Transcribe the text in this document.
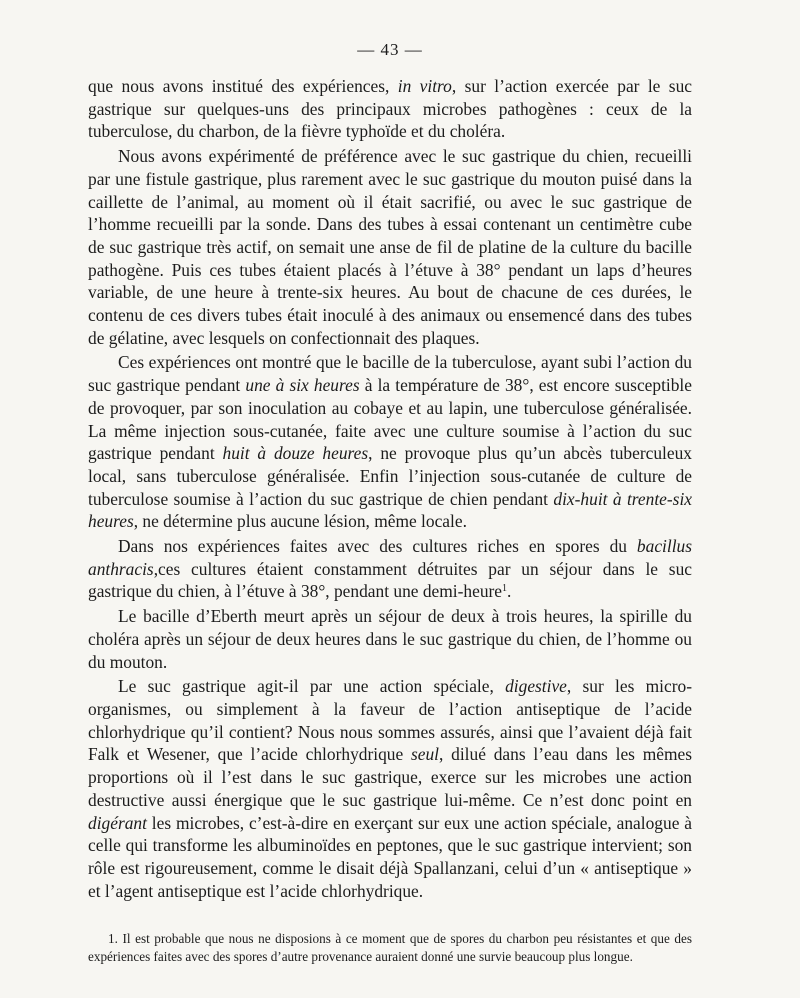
— 43 —

que nous avons institué des expériences, in vitro, sur l’action exercée par le suc gastrique sur quelques-uns des principaux microbes pathogènes : ceux de la tuberculose, du charbon, de la fièvre typhoïde et du choléra.

Nous avons expérimenté de préférence avec le suc gastrique du chien, recueilli par une fistule gastrique, plus rarement avec le suc gastrique du mouton puisé dans la caillette de l’animal, au moment où il était sacrifié, ou avec le suc gastrique de l’homme recueilli par la sonde. Dans des tubes à essai contenant un centimètre cube de suc gastrique très actif, on semait une anse de fil de platine de la culture du bacille pathogène. Puis ces tubes étaient placés à l’étuve à 38° pendant un laps d’heures variable, de une heure à trente-six heures. Au bout de chacune de ces durées, le contenu de ces divers tubes était inoculé à des animaux ou ensemencé dans des tubes de gélatine, avec lesquels on confectionnait des plaques.

Ces expériences ont montré que le bacille de la tuberculose, ayant subi l’action du suc gastrique pendant une à six heures à la température de 38°, est encore susceptible de provoquer, par son inoculation au cobaye et au lapin, une tuberculose généralisée. La même injection sous-cutanée, faite avec une culture soumise à l’action du suc gastrique pendant huit à douze heures, ne provoque plus qu’un abcès tuberculeux local, sans tuberculose généralisée. Enfin l’injection sous-cutanée de culture de tuberculose soumise à l’action du suc gastrique de chien pendant dix-huit à trente-six heures, ne détermine plus aucune lésion, même locale.

Dans nos expériences faites avec des cultures riches en spores du bacillus anthracis,ces cultures étaient constamment détruites par un séjour dans le suc gastrique du chien, à l’étuve à 38°, pendant une demi-heure$^1$.

Le bacille d’Eberth meurt après un séjour de deux à trois heures, la spirille du choléra après un séjour de deux heures dans le suc gastrique du chien, de l’homme ou du mouton.

Le suc gastrique agit-il par une action spéciale, digestive, sur les micro-organismes, ou simplement à la faveur de l’action antiseptique de l’acide chlorhydrique qu’il contient? Nous nous sommes assurés, ainsi que l’avaient déjà fait Falk et Wesener, que l’acide chlorhydrique seul, dilué dans l’eau dans les mêmes proportions où il l’est dans le suc gastrique, exerce sur les microbes une action destructive aussi énergique que le suc gastrique lui-même. Ce n’est donc point en digérant les microbes, c’est-à-dire en exerçant sur eux une action spéciale, analogue à celle qui transforme les albuminoïdes en peptones, que le suc gastrique intervient; son rôle est rigoureusement, comme le disait déjà Spallanzani, celui d’un « antiseptique » et l’agent antiseptique est l’acide chlorhydrique.

1. Il est probable que nous ne disposions à ce moment que de spores du charbon peu résistantes et que des expériences faites avec des spores d’autre provenance auraient donné une survie beaucoup plus longue.
